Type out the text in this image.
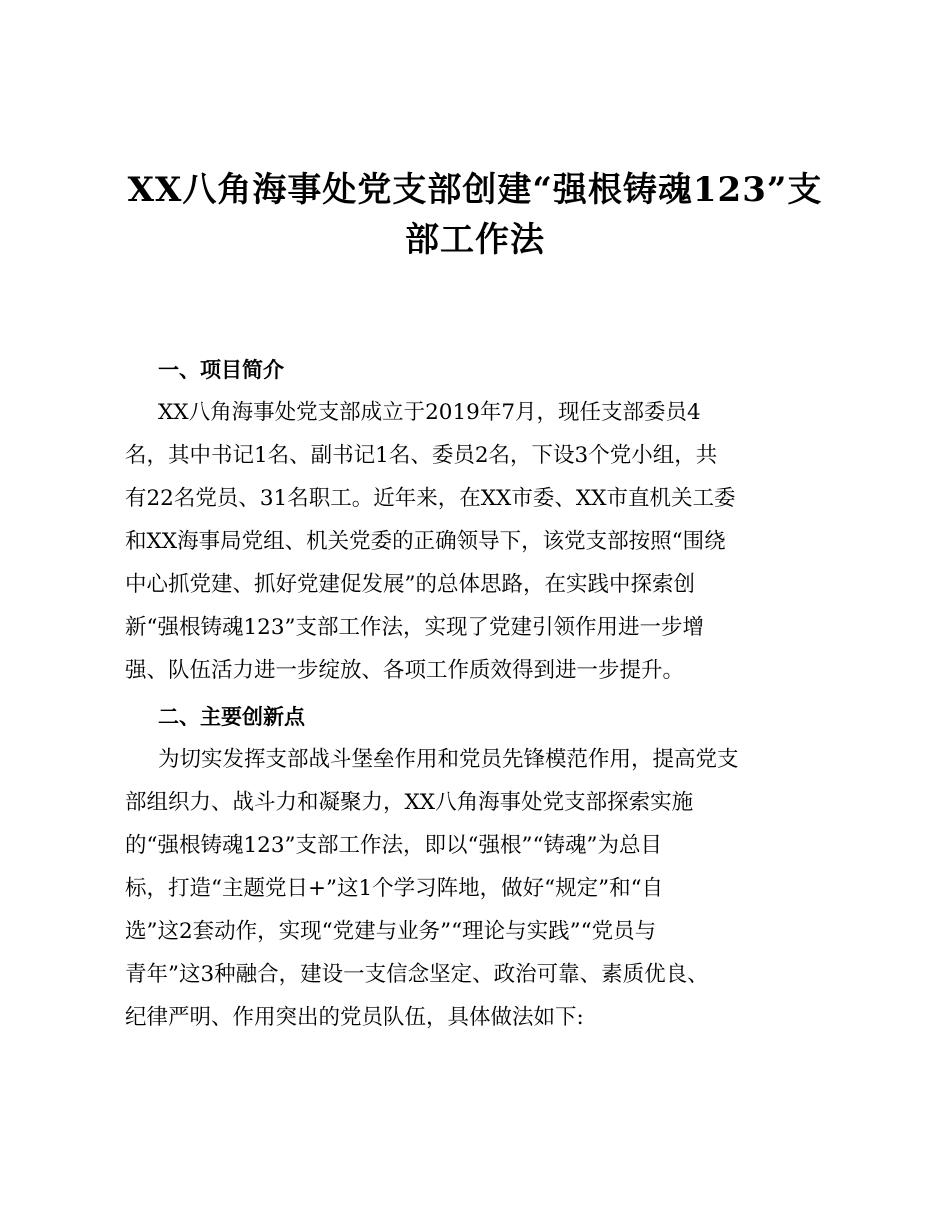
XX八角海事处党支部创建“强根铸魂123”支
部工作法
一、项目简介
XX八角海事处党支部成立于2019年7月，现任支部委员4
名，其中书记1名、副书记1名、委员2名，下设3个党小组，共
有22名党员、31名职工。近年来，在XX市委、XX市直机关工委
和XX海事局党组、机关党委的正确领导下，该党支部按照“围绕
中心抓党建、抓好党建促发展”的总体思路，在实践中探索创
新“强根铸魂123”支部工作法，实现了党建引领作用进一步增
强、队伍活力进一步绽放、各项工作质效得到进一步提升。
二、主要创新点
为切实发挥支部战斗堡垒作用和党员先锋模范作用，提高党支
部组织力、战斗力和凝聚力，XX八角海事处党支部探索实施
的“强根铸魂123”支部工作法，即以“强根”“铸魂”为总目
标，打造“主题党日+”这1个学习阵地，做好“规定”和“自
选”这2套动作，实现“党建与业务”“理论与实践”“党员与
青年”这3种融合，建设一支信念坚定、政治可靠、素质优良、
纪律严明、作用突出的党员队伍，具体做法如下:
